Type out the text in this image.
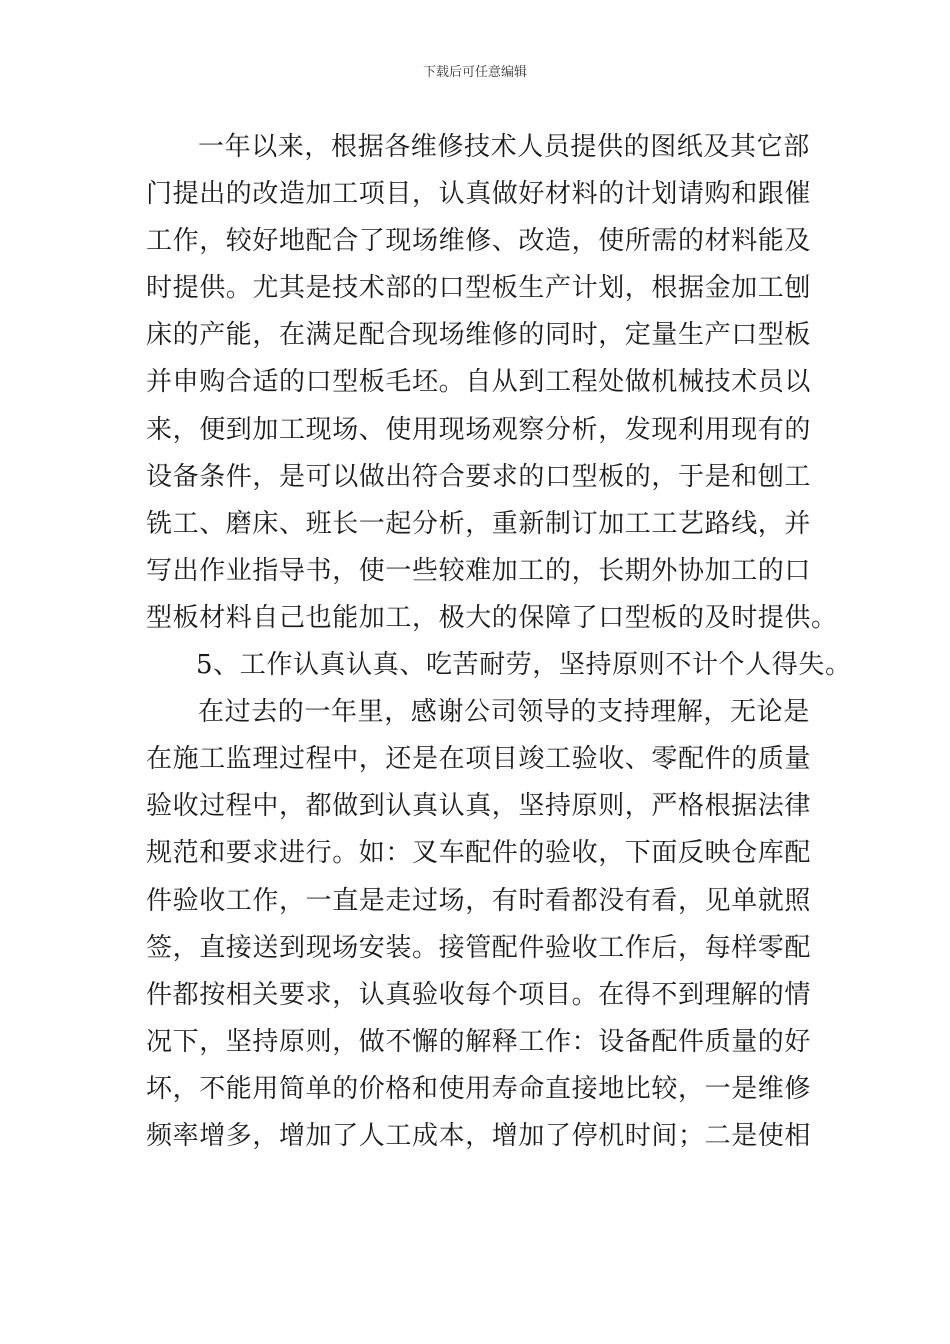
下载后可任意编辑
一年以来，根据各维修技术人员提供的图纸及其它部
门提出的改造加工项目，认真做好材料的计划请购和跟催
工作，较好地配合了现场维修、改造，使所需的材料能及
时提供。尤其是技术部的口型板生产计划，根据金加工刨
床的产能，在满足配合现场维修的同时，定量生产口型板
并申购合适的口型板毛坯。自从到工程处做机械技术员以
来，便到加工现场、使用现场观察分析，发现利用现有的
设备条件，是可以做出符合要求的口型板的，于是和刨工
铣工、磨床、班长一起分析，重新制订加工工艺路线，并
写出作业指导书，使一些较难加工的，长期外协加工的口
型板材料自己也能加工，极大的保障了口型板的及时提供。
5、工作认真认真、吃苦耐劳，坚持原则不计个人得失。
在过去的一年里，感谢公司领导的支持理解，无论是
在施工监理过程中，还是在项目竣工验收、零配件的质量
验收过程中，都做到认真认真，坚持原则，严格根据法律
规范和要求进行。如：叉车配件的验收，下面反映仓库配
件验收工作，一直是走过场，有时看都没有看，见单就照
签，直接送到现场安装。接管配件验收工作后，每样零配
件都按相关要求，认真验收每个项目。在得不到理解的情
况下，坚持原则，做不懈的解释工作：设备配件质量的好
坏，不能用简单的价格和使用寿命直接地比较，一是维修
频率增多，增加了人工成本，增加了停机时间；二是使相
